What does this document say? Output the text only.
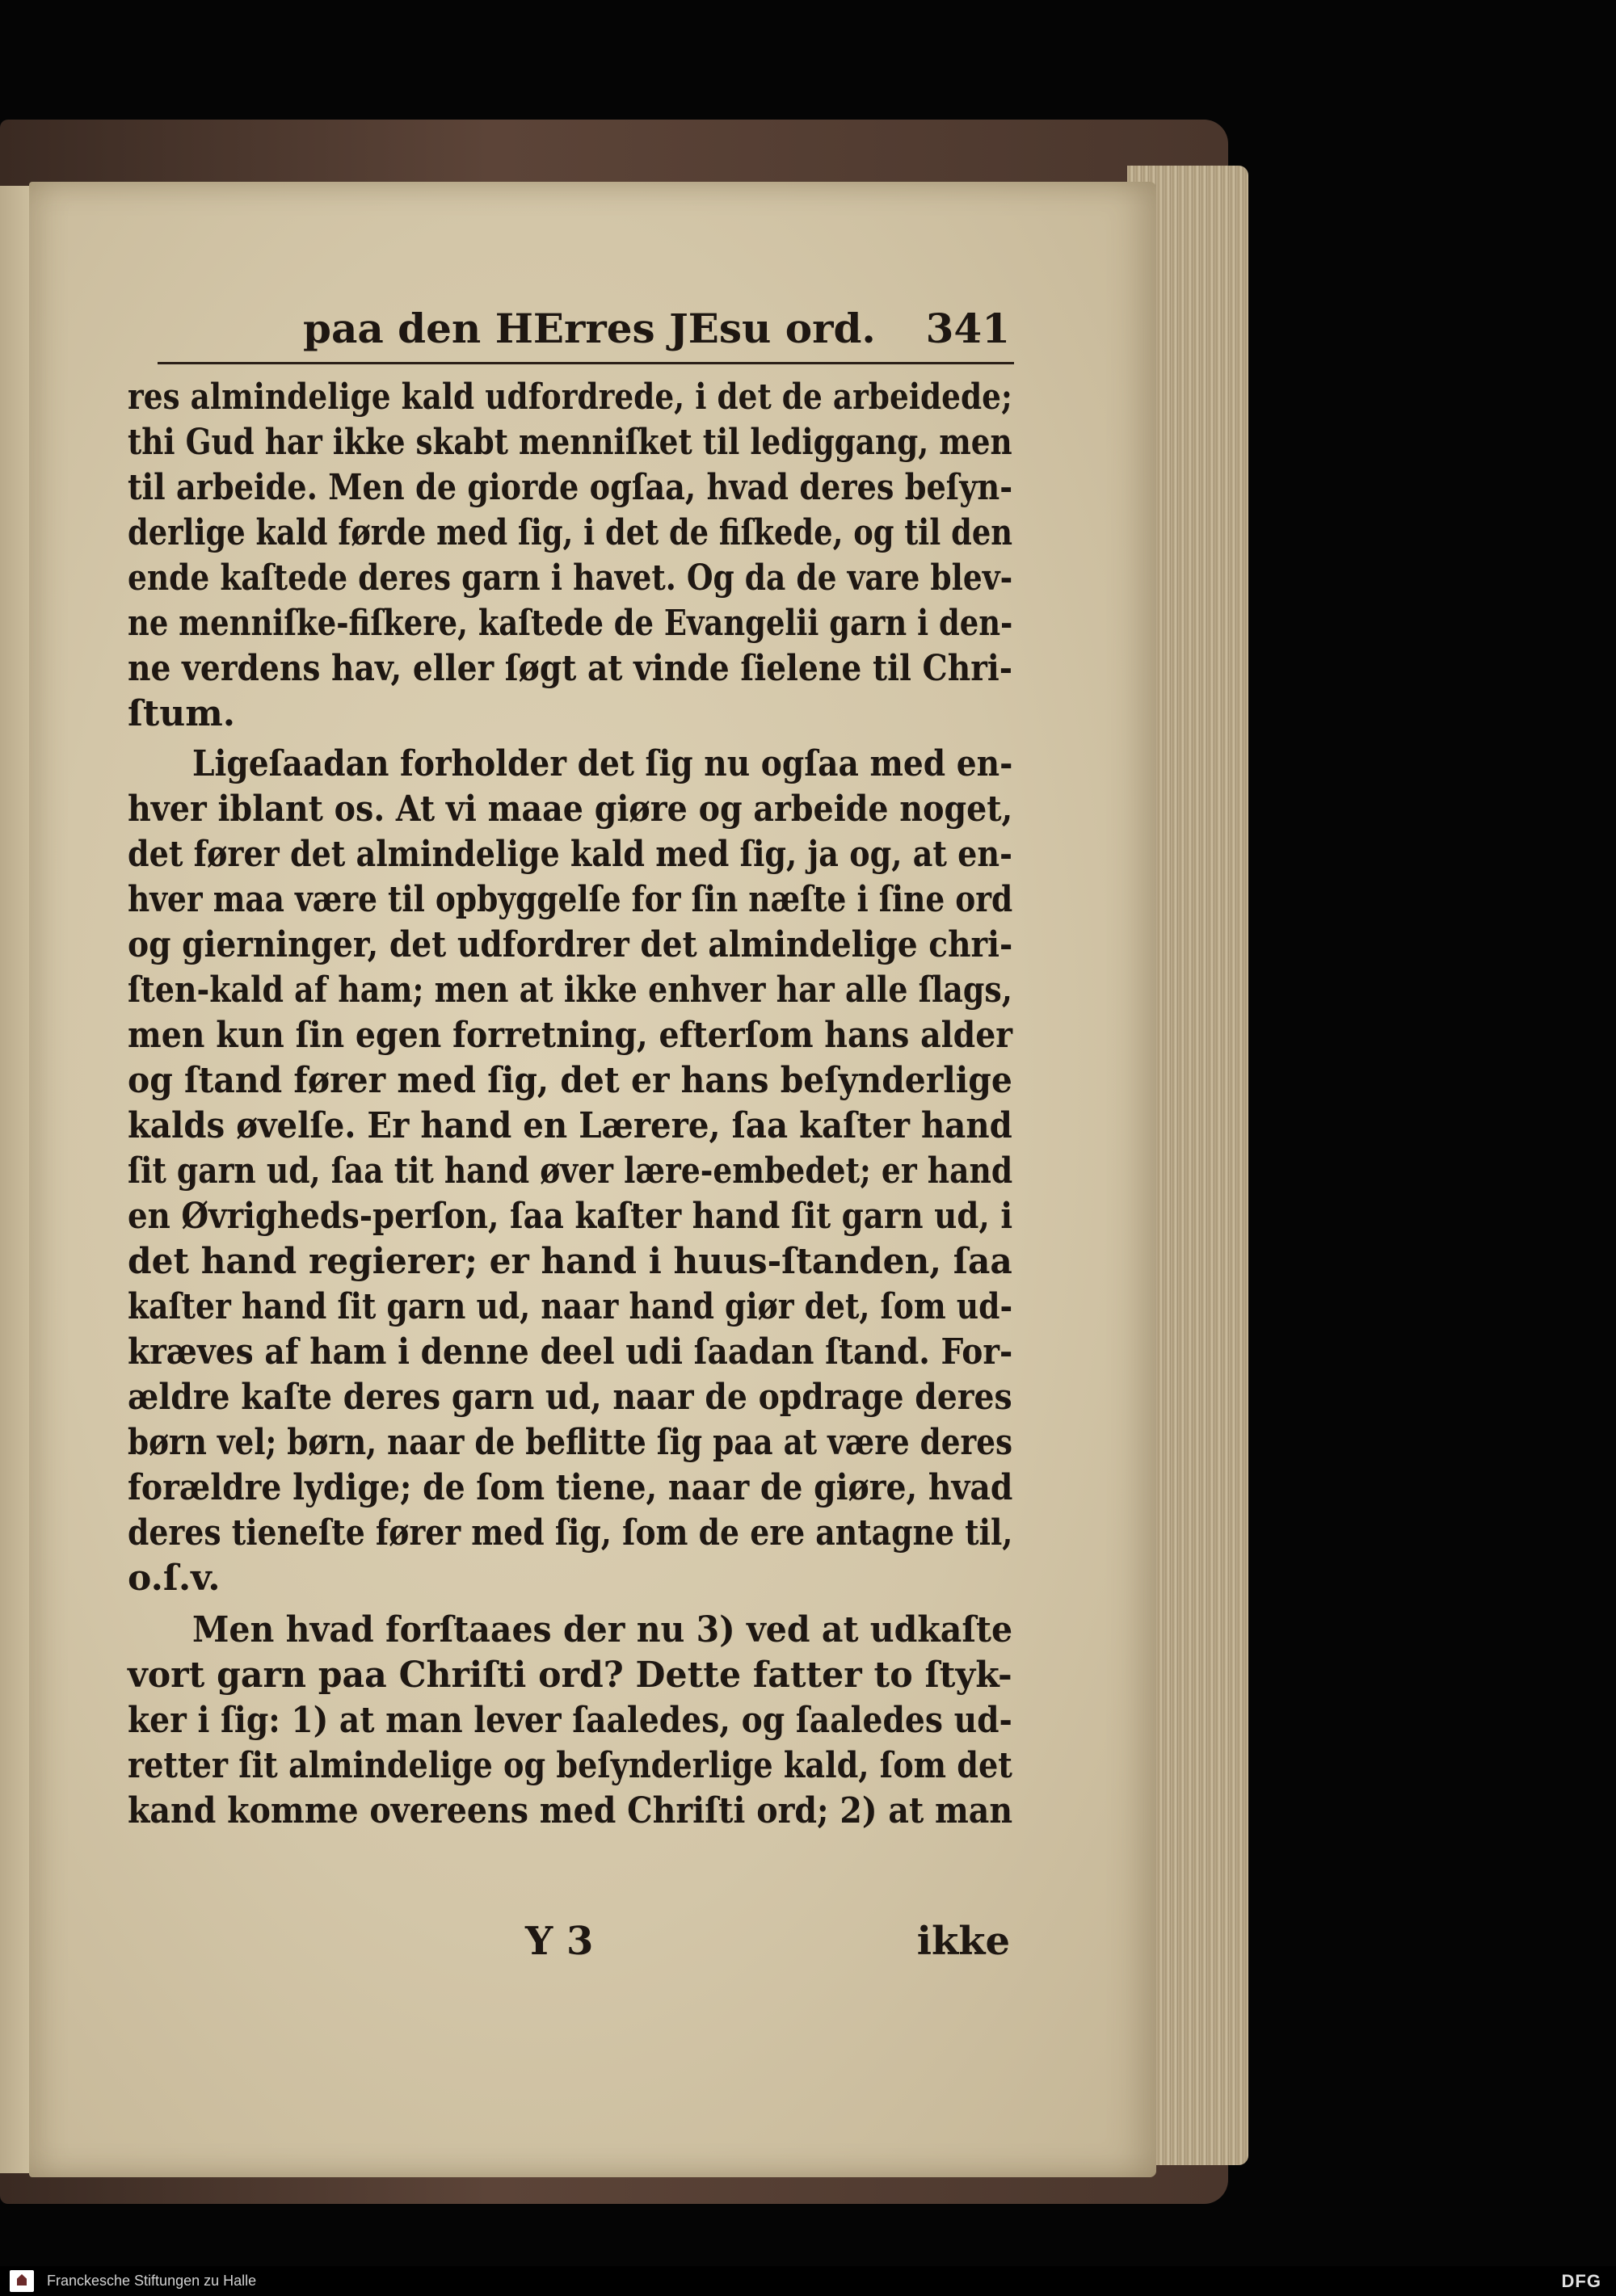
paa den HErres JEsu ord. 341
res almindelige kald udfordrede, i det de arbeidede;
thi Gud har ikke skabt menniſket til lediggang, men
til arbeide. Men de giorde ogſaa, hvad deres beſyn-
derlige kald førde med ſig, i det de fiſkede, og til den
ende kaſtede deres garn i havet. Og da de vare blev-
ne menniſke-fiſkere, kaſtede de Evangelii garn i den-
ne verdens hav, eller ſøgt at vinde ſielene til Chri-
ſtum.
Ligeſaadan forholder det ſig nu ogſaa med en-
hver iblant os. At vi maae giøre og arbeide noget,
det fører det almindelige kald med ſig, ja og, at en-
hver maa være til opbyggelſe for ſin næſte i ſine ord
og gierninger, det udfordrer det almindelige chri-
ſten-kald af ham; men at ikke enhver har alle ſlags,
men kun ſin egen forretning, efterſom hans alder
og ſtand fører med ſig, det er hans beſynderlige
kalds øvelſe. Er hand en Lærere, ſaa kaſter hand
ſit garn ud, ſaa tit hand øver lære-embedet; er hand
en Øvrigheds-perſon, ſaa kaſter hand ſit garn ud, i
det hand regierer; er hand i huus-ſtanden, ſaa
kaſter hand ſit garn ud, naar hand giør det, ſom ud-
kræves af ham i denne deel udi ſaadan ſtand. For-
ældre kaſte deres garn ud, naar de opdrage deres
børn vel; børn, naar de beflitte ſig paa at være deres
forældre lydige; de ſom tiene, naar de giøre, hvad
deres tieneſte fører med ſig, ſom de ere antagne til,
o.ſ.v.
Men hvad forſtaaes der nu 3) ved at udkaſte
vort garn paa Chriſti ord? Dette fatter to ſtyk-
ker i ſig: 1) at man lever ſaaledes, og ſaaledes ud-
retter ſit almindelige og beſynderlige kald, ſom det
kand komme overeens med Chriſti ord; 2) at man
Y 3	ikke
Franckesche Stiftungen zu Halle	DFG
